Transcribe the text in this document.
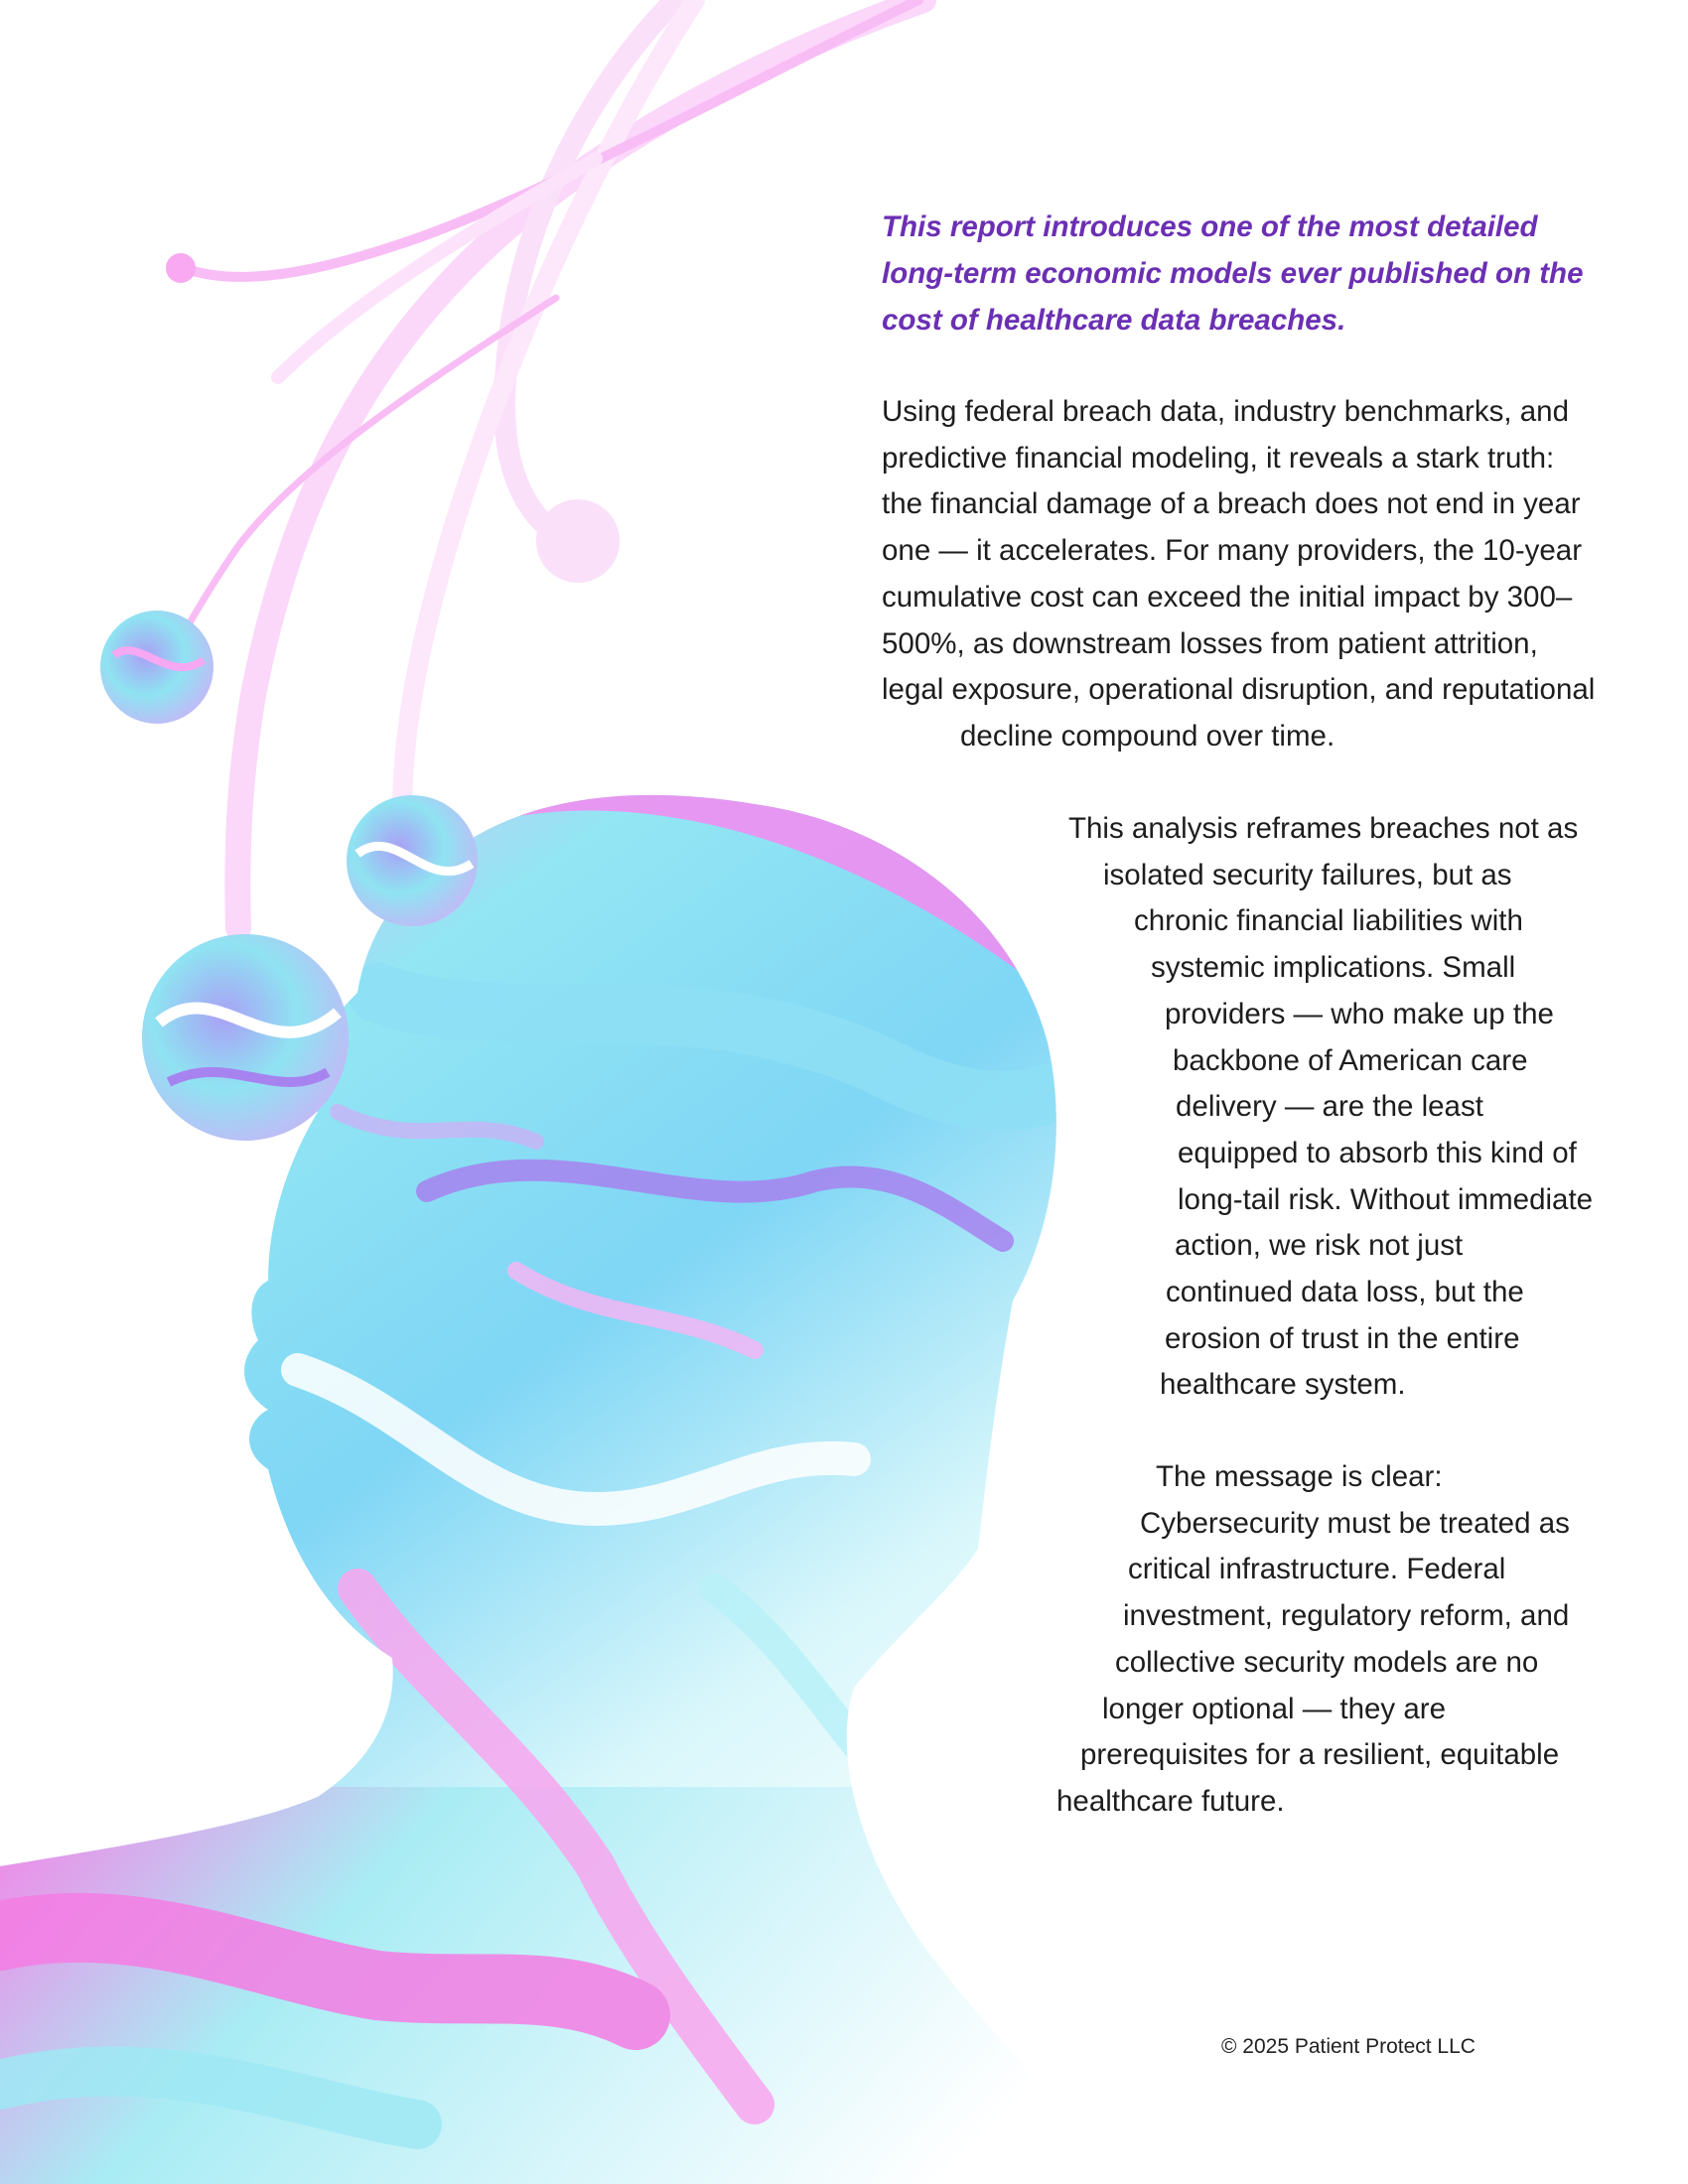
This report introduces one of the most detailed long-term economic models ever published on the cost of healthcare data breaches.

Using federal breach data, industry benchmarks, and

predictive financial modeling, it reveals a stark truth:

the financial damage of a breach does not end in year

one — it accelerates. For many providers, the 10-year

cumulative cost can exceed the initial impact by 300–

500%, as downstream losses from patient attrition,

legal exposure, operational disruption, and reputational

decline compound over time.

This analysis reframes breaches not as

isolated security failures, but as

chronic financial liabilities with

systemic implications. Small

providers — who make up the

backbone of American care

delivery — are the least

equipped to absorb this kind of

long-tail risk. Without immediate

action, we risk not just

continued data loss, but the

erosion of trust in the entire

healthcare system.

The message is clear:

Cybersecurity must be treated as

critical infrastructure. Federal

investment, regulatory reform, and

collective security models are no

longer optional — they are

prerequisites for a resilient, equitable

healthcare future.

© 2025 Patient Protect LLC
